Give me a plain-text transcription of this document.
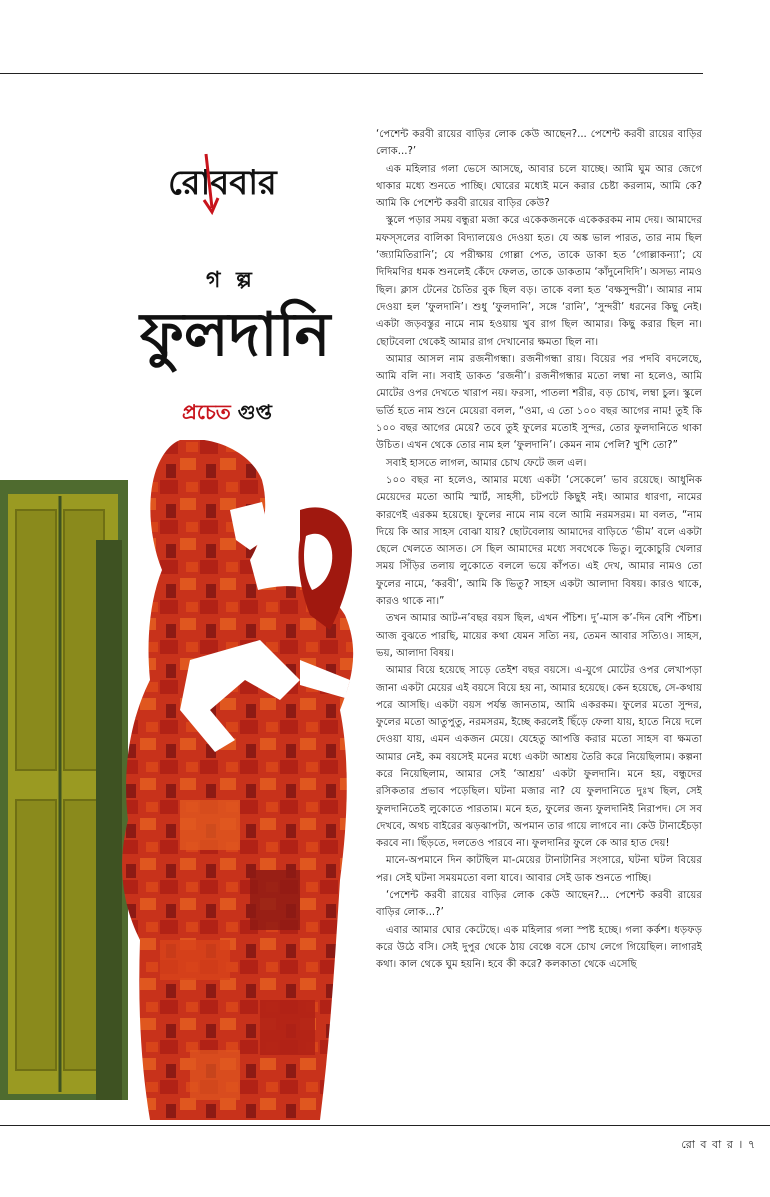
রোববার
গ ল্প
ফুলদানি
প্রচেত গুপ্ত

‘পেশেন্ট করবী রায়ের বাড়ির লোক কেউ আছেন?... পেশেন্ট করবী রায়ের বাড়ির লোক...?’

এক মহিলার গলা ভেসে আসছে, আবার চলে যাচ্ছে। আমি ঘুম আর জেগে থাকার মধ্যে শুনতে পাচ্ছি। ঘোরের মধ্যেই মনে করার চেষ্টা করলাম, আমি কে? আমি কি পেশেন্ট করবী রায়ের বাড়ির কেউ?

স্কুলে পড়ার সময় বন্ধুরা মজা করে একেকজনকে একেকরকম নাম দেয়। আমাদের মফস্সলের বালিকা বিদ্যালয়েও দেওয়া হত। যে অঙ্ক ভাল পারত, তার নাম ছিল ‘জ্যামিতিরানি’; যে পরীক্ষায় গোল্লা পেত, তাকে ডাকা হত ‘গোল্লাকন্যা’; যে দিদিমণির ধমক শুনলেই কেঁদে ফেলত, তাকে ডাকতাম ‘কাঁদুনেদিদি’। অসভ্য নামও ছিল। ক্লাস টেনের চৈতির বুক ছিল বড়। তাকে বলা হত ‘বক্ষসুন্দরী’। আমার নাম দেওয়া হল ‘ফুলদানি’। শুধু ‘ফুলদানি’, সঙ্গে ‘রানি’, ‘সুন্দরী’ ধরনের কিছু নেই। একটা জড়বস্তুর নামে নাম হওয়ায় খুব রাগ ছিল আমার। কিছু করার ছিল না। ছোটবেলা থেকেই আমার রাগ দেখানোর ক্ষমতা ছিল না।

আমার আসল নাম রজনীগন্ধা। রজনীগন্ধা রায়। বিয়ের পর পদবি বদলেছে, আমি বলি না। সবাই ডাকত ‘রজনী’। রজনীগন্ধার মতো লম্বা না হলেও, আমি মোটের ওপর দেখতে খারাপ নয়। ফরসা, পাতলা শরীর, বড় চোখ, লম্বা চুল। স্কুলে ভর্তি হতে নাম শুনে মেয়েরা বলল, “ওমা, এ তো ১০০ বছর আগের নাম! তুই কি ১০০ বছর আগের মেয়ে? তবে তুই ফুলের মতোই সুন্দর, তোর ফুলদানিতে থাকা উচিত। এখন থেকে তোর নাম হল ‘ফুলদানি’। কেমন নাম পেলি? খুশি তো?”

সবাই হাসতে লাগল, আমার চোখ ফেটে জল এল।

১০০ বছর না হলেও, আমার মধ্যে একটা ‘সেকেলে’ ভাব রয়েছে। আধুনিক মেয়েদের মতো আমি স্মার্ট, সাহসী, চটপটে কিছুই নই। আমার ধারণা, নামের কারণেই এরকম হয়েছে। ফুলের নামে নাম বলে আমি নরমসরম। মা বলত, “নাম দিয়ে কি আর সাহস বোঝা যায়? ছোটবেলায় আমাদের বাড়িতে ‘ভীম’ বলে একটা ছেলে খেলতে আসত। সে ছিল আমাদের মধ্যে সবথেকে ভিতু। লুকোচুরি খেলার সময় সিঁড়ির তলায় লুকোতে বললে ভয়ে কাঁপত। এই দেখ, আমার নামও তো ফুলের নামে, ‘করবী’, আমি কি ভিতু? সাহস একটা আলাদা বিষয়। কারও থাকে, কারও থাকে না।”

তখন আমার আট-ন’বছর বয়স ছিল, এখন পঁচিশ। দু’-মাস ক’-দিন বেশি পঁচিশ। আজ বুঝতে পারছি, মায়ের কথা যেমন সত্যি নয়, তেমন আবার সত্যিও। সাহস, ভয়, আলাদা বিষয়।

আমার বিয়ে হয়েছে সাড়ে তেইশ বছর বয়সে। এ-যুগে মোটের ওপর লেখাপড়া জানা একটা মেয়ের এই বয়সে বিয়ে হয় না, আমার হয়েছে। কেন হয়েছে, সে-কথায় পরে আসছি। একটা বয়স পর্যন্ত জানতাম, আমি একরকম। ফুলের মতো সুন্দর, ফুলের মতো আতুপুতু, নরমসরম, ইচ্ছে করলেই ছিঁড়ে ফেলা যায়, হাতে নিয়ে দলে দেওয়া যায়, এমন একজন মেয়ে। যেহেতু আপত্তি করার মতো সাহস বা ক্ষমতা আমার নেই, কম বয়সেই মনের মধ্যে একটা আশ্রয় তৈরি করে নিয়েছিলাম। কল্পনা করে নিয়েছিলাম, আমার সেই ‘আশ্রয়’ একটা ফুলদানি। মনে হয়, বন্ধুদের রসিকতার প্রভাব পড়েছিল। ঘটনা মজার না? যে ফুলদানিতে দুঃখ ছিল, সেই ফুলদানিতেই লুকোতে পারতাম। মনে হত, ফুলের জন্য ফুলদানিই নিরাপদ। সে সব দেখবে, অথচ বাইরের ঝড়ঝাপটা, অপমান তার গায়ে লাগবে না। কেউ টানাহেঁচড়া করবে না। ছিঁড়তে, দলতেও পারবে না। ফুলদানির ফুলে কে আর হাত দেয়!

মানে-অপমানে দিন কাটছিল মা-মেয়ের টানাটানির সংসারে, ঘটনা ঘটল বিয়ের পর। সেই ঘটনা সময়মতো বলা যাবে। আবার সেই ডাক শুনতে পাচ্ছি।

‘পেশেন্ট করবী রায়ের বাড়ির লোক কেউ আছেন?... পেশেন্ট করবী রায়ের বাড়ির লোক...?’

এবার আমার ঘোর কেটেছে। এক মহিলার গলা স্পষ্ট হচ্ছে। গলা কর্কশ। ধড়ফড় করে উঠে বসি। সেই দুপুর থেকে ঠায় বেঞ্চে বসে চোখ লেগে গিয়েছিল। লাগারই কথা। কাল থেকে ঘুম হয়নি। হবে কী করে? কলকাতা থেকে এসেছি

রো ব বা র । ৭
